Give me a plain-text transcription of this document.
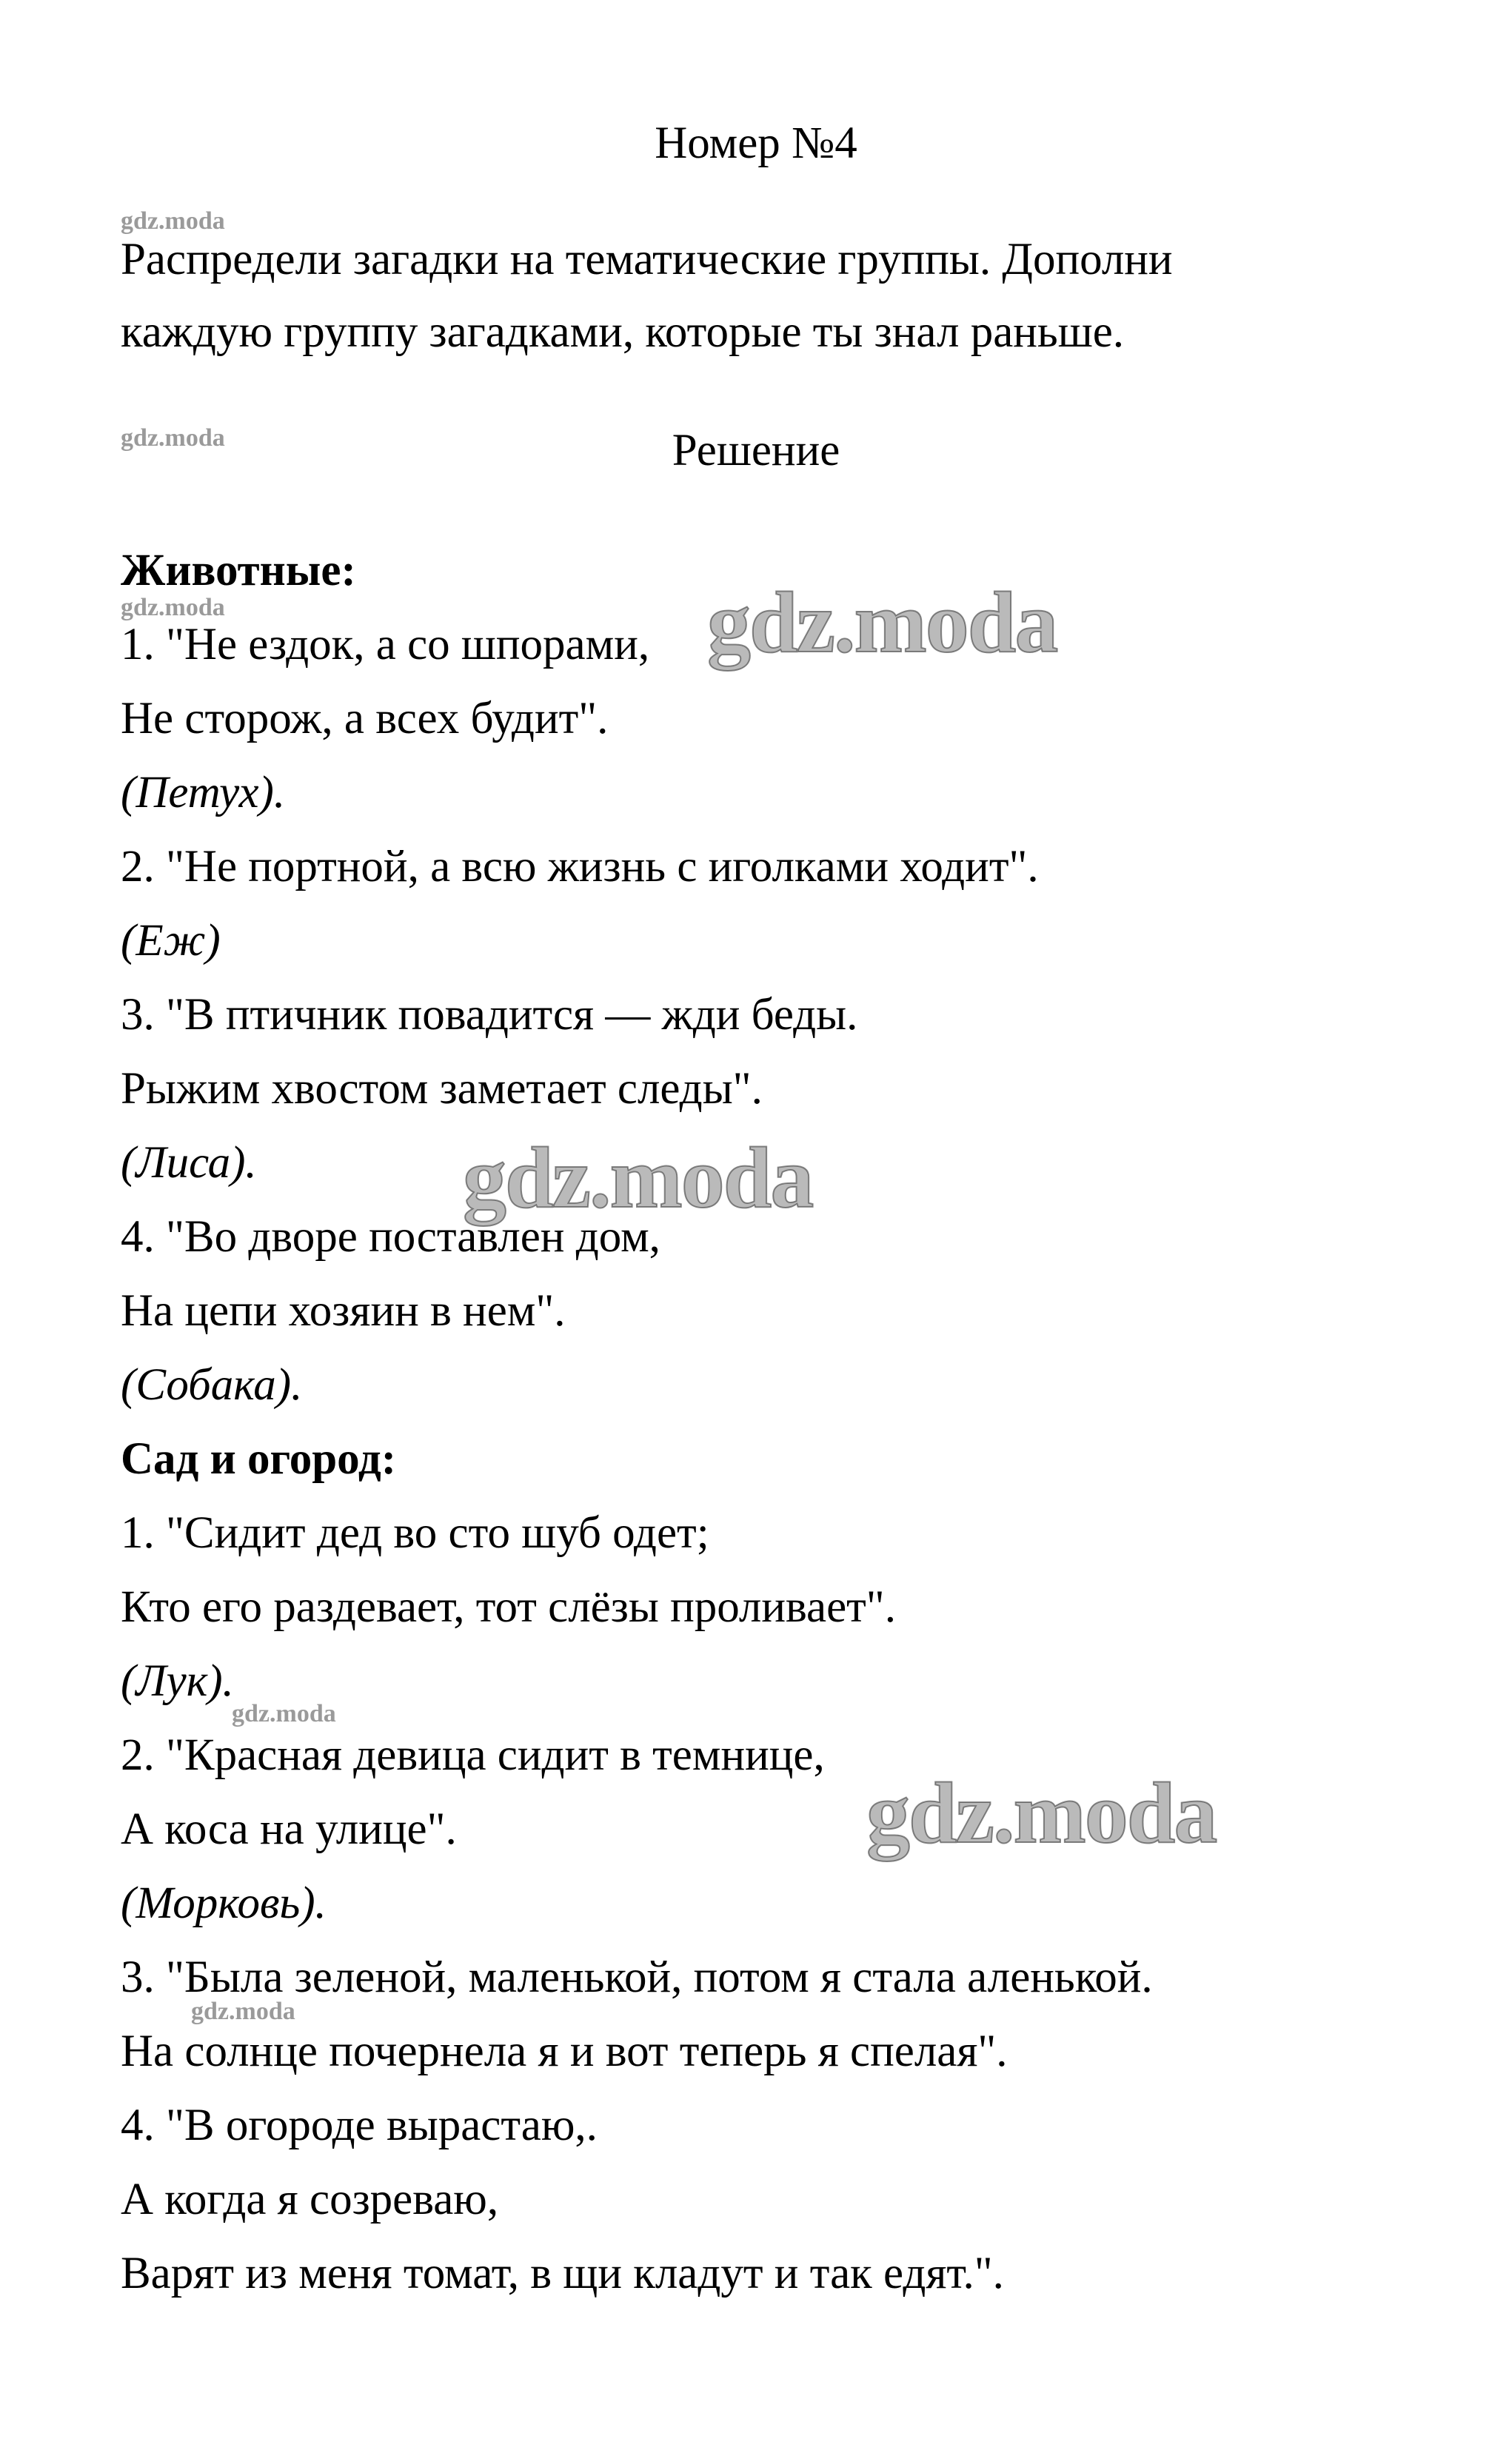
Номер №4
gdz.moda
Распредели загадки на тематические группы. Дополни
каждую группу загадками, которые ты знал раньше.
gdz.moda	Решение
Животные:
gdz.moda
1. "Не ездок, а со шпорами,
Не сторож, а всех будит".
(Петух).
2. "Не портной, а всю жизнь с иголками ходит".
(Еж)
3. "В птичник повадится — жди беды.
Рыжим хвостом заметает следы".
(Лиса).
4. "Во дворе поставлен дом,
На цепи хозяин в нем".
(Собака).
Сад и огород:
1. "Сидит дед во сто шуб одет;
Кто его раздевает, тот слёзы проливает".
(Лук).
gdz.moda
2. "Красная девица сидит в темнице,
А коса на улице".
(Морковь).
3. "Была зеленой, маленькой, потом я стала аленькой.
gdz.moda
На солнце почернела я и вот теперь я спелая".
4. "В огороде вырастаю,.
А когда я созреваю,
Варят из меня томат, в щи кладут и так едят.".
gdz.moda
gdz.moda
gdz.moda
